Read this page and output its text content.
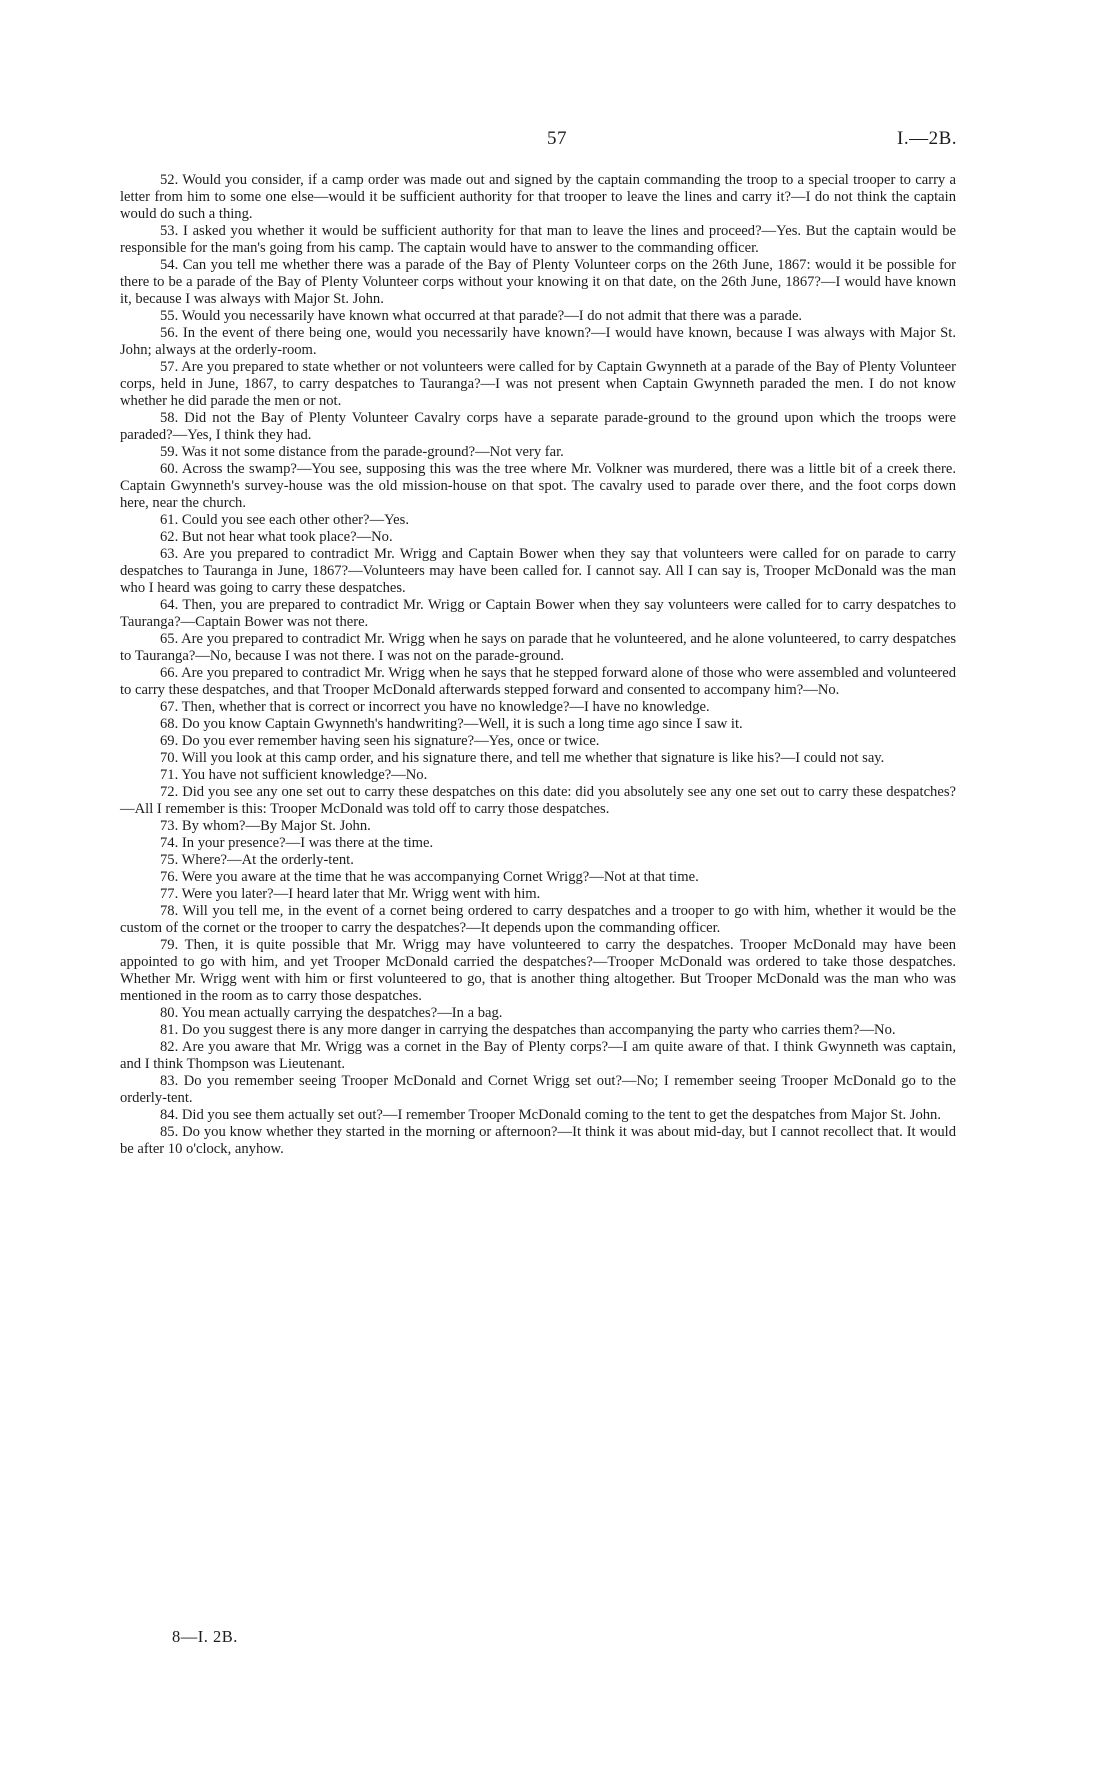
57	I.—2B.

52. Would you consider, if a camp order was made out and signed by the captain commanding the troop to a special trooper to carry a letter from him to some one else—would it be sufficient authority for that trooper to leave the lines and carry it?—I do not think the captain would do such a thing.

53. I asked you whether it would be sufficient authority for that man to leave the lines and proceed?—Yes. But the captain would be responsible for the man's going from his camp. The captain would have to answer to the commanding officer.

54. Can you tell me whether there was a parade of the Bay of Plenty Volunteer corps on the 26th June, 1867: would it be possible for there to be a parade of the Bay of Plenty Volunteer corps without your knowing it on that date, on the 26th June, 1867?—I would have known it, because I was always with Major St. John.

55. Would you necessarily have known what occurred at that parade?—I do not admit that there was a parade.

56. In the event of there being one, would you necessarily have known?—I would have known, because I was always with Major St. John; always at the orderly-room.

57. Are you prepared to state whether or not volunteers were called for by Captain Gwynneth at a parade of the Bay of Plenty Volunteer corps, held in June, 1867, to carry despatches to Tauranga?—I was not present when Captain Gwynneth paraded the men. I do not know whether he did parade the men or not.

58. Did not the Bay of Plenty Volunteer Cavalry corps have a separate parade-ground to the ground upon which the troops were paraded?—Yes, I think they had.

59. Was it not some distance from the parade-ground?—Not very far.

60. Across the swamp?—You see, supposing this was the tree where Mr. Volkner was murdered, there was a little bit of a creek there. Captain Gwynneth's survey-house was the old mission-house on that spot. The cavalry used to parade over there, and the foot corps down here, near the church.

61. Could you see each other other?—Yes.

62. But not hear what took place?—No.

63. Are you prepared to contradict Mr. Wrigg and Captain Bower when they say that volunteers were called for on parade to carry despatches to Tauranga in June, 1867?—Volunteers may have been called for. I cannot say. All I can say is, Trooper McDonald was the man who I heard was going to carry these despatches.

64. Then, you are prepared to contradict Mr. Wrigg or Captain Bower when they say volunteers were called for to carry despatches to Tauranga?—Captain Bower was not there.

65. Are you prepared to contradict Mr. Wrigg when he says on parade that he volunteered, and he alone volunteered, to carry despatches to Tauranga?—No, because I was not there. I was not on the parade-ground.

66. Are you prepared to contradict Mr. Wrigg when he says that he stepped forward alone of those who were assembled and volunteered to carry these despatches, and that Trooper McDonald afterwards stepped forward and consented to accompany him?—No.

67. Then, whether that is correct or incorrect you have no knowledge?—I have no knowledge.

68. Do you know Captain Gwynneth's handwriting?—Well, it is such a long time ago since I saw it.

69. Do you ever remember having seen his signature?—Yes, once or twice.

70. Will you look at this camp order, and his signature there, and tell me whether that signature is like his?—I could not say.

71. You have not sufficient knowledge?—No.

72. Did you see any one set out to carry these despatches on this date: did you absolutely see any one set out to carry these despatches?—All I remember is this: Trooper McDonald was told off to carry those despatches.

73. By whom?—By Major St. John.

74. In your presence?—I was there at the time.

75. Where?—At the orderly-tent.

76. Were you aware at the time that he was accompanying Cornet Wrigg?—Not at that time.

77. Were you later?—I heard later that Mr. Wrigg went with him.

78. Will you tell me, in the event of a cornet being ordered to carry despatches and a trooper to go with him, whether it would be the custom of the cornet or the trooper to carry the despatches?—It depends upon the commanding officer.

79. Then, it is quite possible that Mr. Wrigg may have volunteered to carry the despatches. Trooper McDonald may have been appointed to go with him, and yet Trooper McDonald carried the despatches?—Trooper McDonald was ordered to take those despatches. Whether Mr. Wrigg went with him or first volunteered to go, that is another thing altogether. But Trooper McDonald was the man who was mentioned in the room as to carry those despatches.

80. You mean actually carrying the despatches?—In a bag.

81. Do you suggest there is any more danger in carrying the despatches than accompanying the party who carries them?—No.

82. Are you aware that Mr. Wrigg was a cornet in the Bay of Plenty corps?—I am quite aware of that. I think Gwynneth was captain, and I think Thompson was Lieutenant.

83. Do you remember seeing Trooper McDonald and Cornet Wrigg set out?—No; I remember seeing Trooper McDonald go to the orderly-tent.

84. Did you see them actually set out?—I remember Trooper McDonald coming to the tent to get the despatches from Major St. John.

85. Do you know whether they started in the morning or afternoon?—It think it was about mid-day, but I cannot recollect that. It would be after 10 o'clock, anyhow.

8—I. 2B.
